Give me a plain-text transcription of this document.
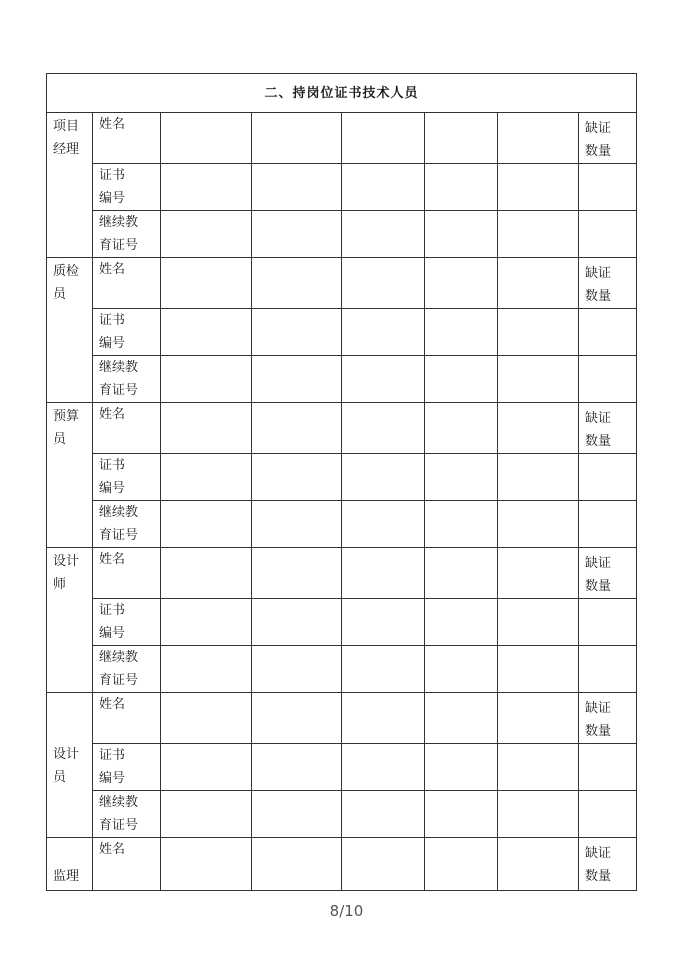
二、持岗位证书技术人员							

项目
经理	姓名						缺证
数量

	证书
编号						

	继续教
育证号						

质检
员	姓名						缺证
数量

	证书
编号						

	继续教
育证号						

预算
员	姓名						缺证
数量

	证书
编号						

	继续教
育证号						

设计
师	姓名						缺证
数量

	证书
编号						

	继续教
育证号						

设计
员	姓名						缺证
数量

	证书
编号						

	继续教
育证号						

监理	姓名						缺证
数量
8/10
